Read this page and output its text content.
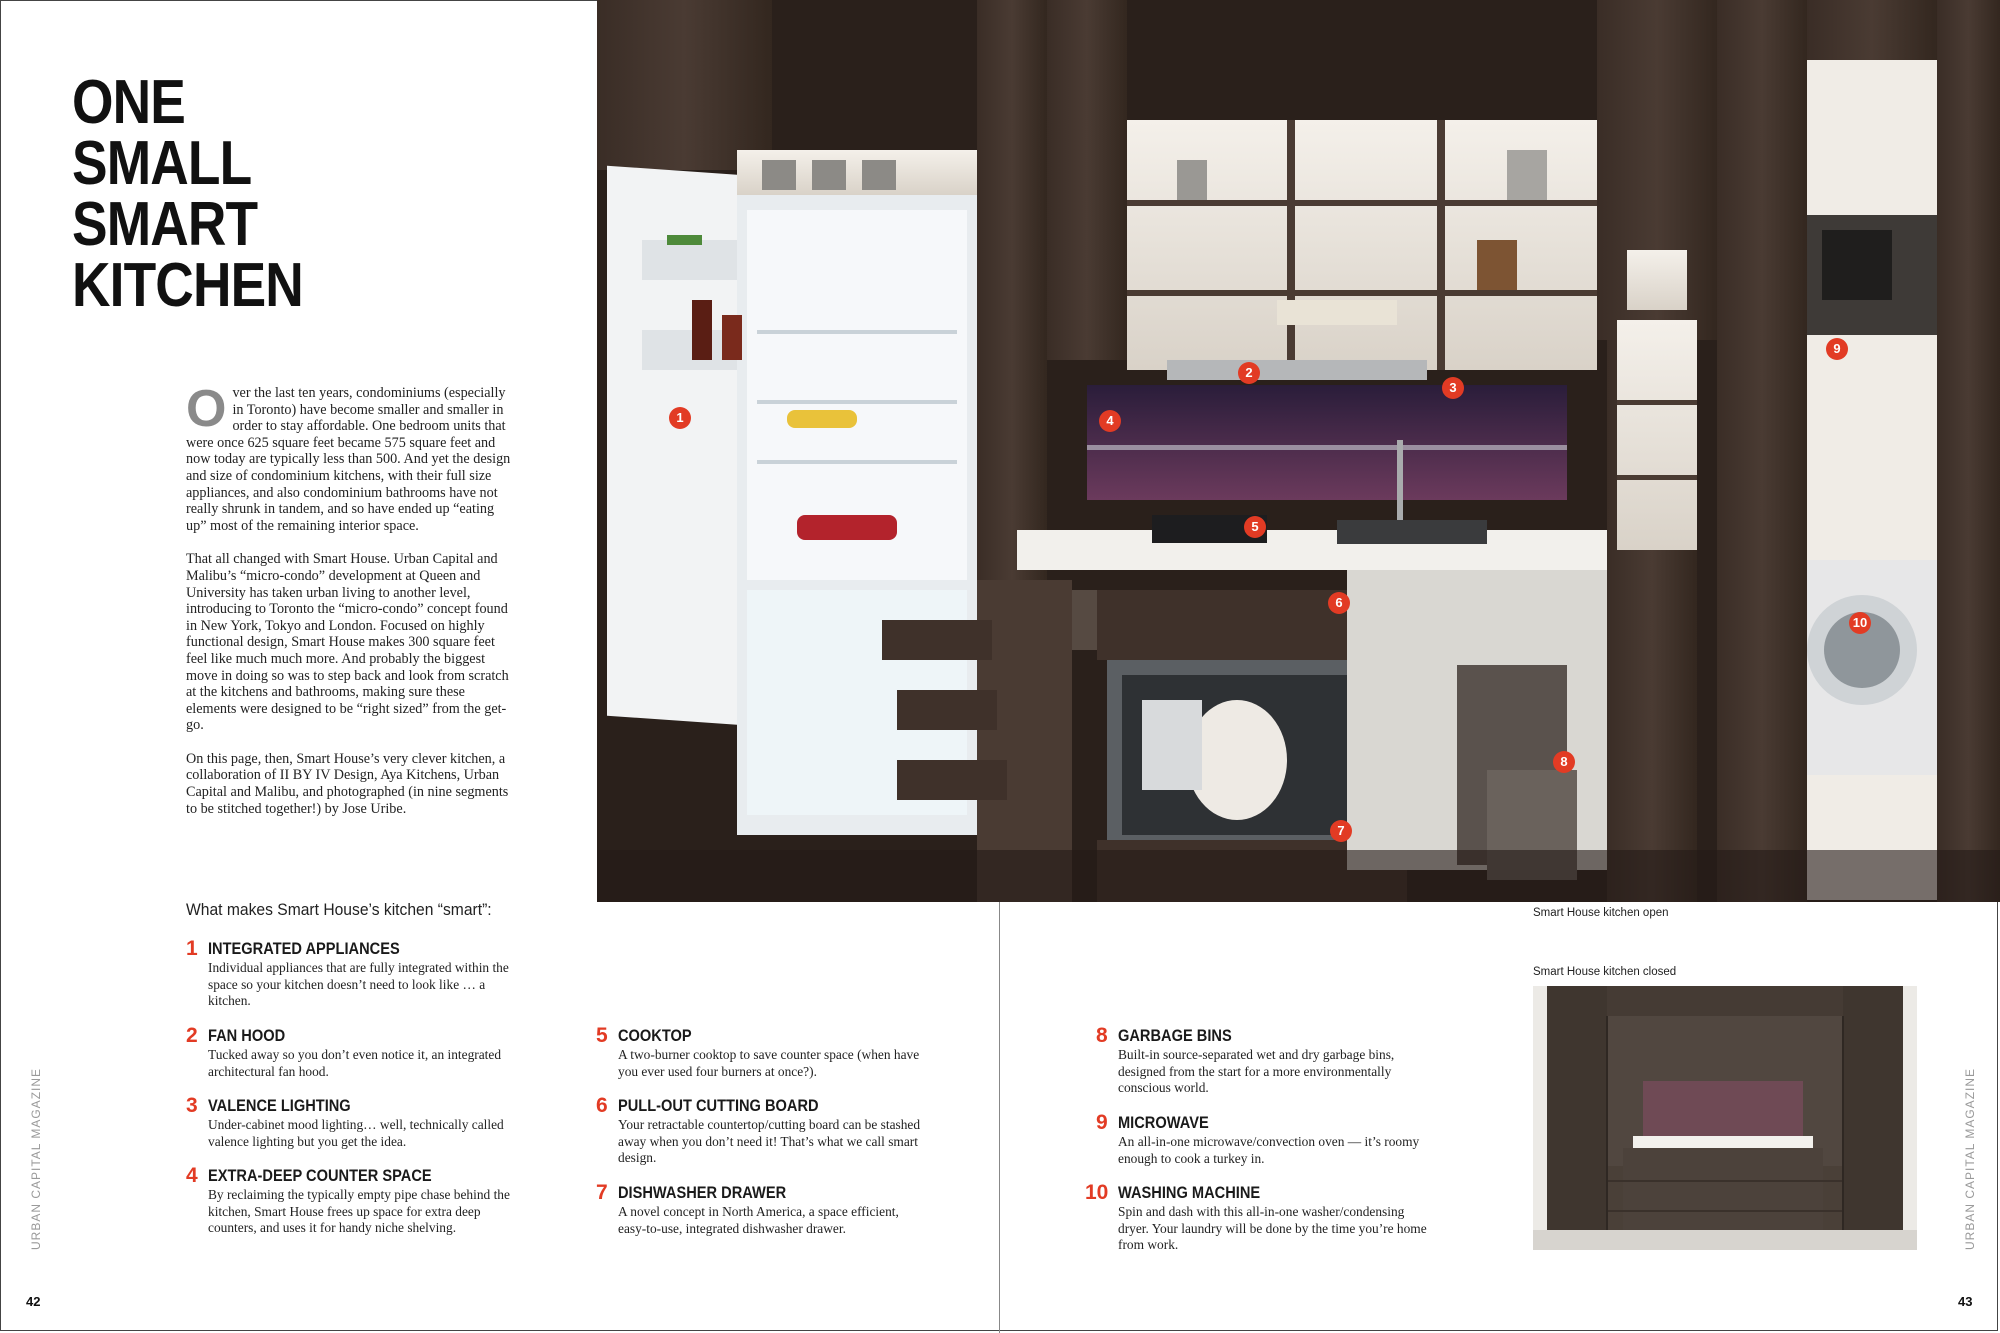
ONE
SMALL
SMART
KITCHEN

Over the last ten years, condominiums (especially in Toronto) have become smaller and smaller in order to stay affordable. One bedroom units that were once 625 square feet became 575 square feet and now today are typically less than 500. And yet the design and size of condominium kitchens, with their full size appliances, and also condominium bathrooms have not really shrunk in tandem, and so have ended up “eating up” most of the remaining interior space.

That all changed with Smart House. Urban Capital and Malibu’s “micro-condo” development at Queen and University has taken urban living to another level, introducing to Toronto the “micro-condo” concept found in New York, Tokyo and London. Focused on highly functional design, Smart House makes 300 square feet feel like much much more. And probably the biggest move in doing so was to step back and look from scratch at the kitchens and bathrooms, making sure these elements were designed to be “right sized” from the get-go.

On this page, then, Smart House’s very clever kitchen, a collaboration of II BY IV Design, Aya Kitchens, Urban Capital and Malibu, and photographed (in nine segments to be stitched together!) by Jose Uribe.

What makes Smart House’s kitchen “smart”:
1 INTEGRATED APPLIANCES
Individual appliances that are fully integrated within the space so your kitchen doesn’t need to look like … a kitchen.
2 FAN HOOD
Tucked away so you don’t even notice it, an integrated architectural fan hood.
3 VALENCE LIGHTING
Under-cabinet mood lighting… well, technically called valence lighting but you get the idea.
4 EXTRA-DEEP COUNTER SPACE
By reclaiming the typically empty pipe chase behind the kitchen, Smart House frees up space for extra deep counters, and uses it for handy niche shelving.
5 COOKTOP
A two-burner cooktop to save counter space (when have you ever used four burners at once?).
6 PULL-OUT CUTTING BOARD
Your retractable countertop/cutting board can be stashed away when you don’t need it! That’s what we call smart design.
7 DISHWASHER DRAWER
A novel concept in North America, a space efficient, easy-to-use, integrated dishwasher drawer.
8 GARBAGE BINS
Built-in source-separated wet and dry garbage bins, designed from the start for a more environmentally conscious world.
9 MICROWAVE
An all-in-one microwave/convection oven — it’s roomy enough to cook a turkey in.
10 WASHING MACHINE
Spin and dash with this all-in-one washer/condensing dryer. Your laundry will be done by the time you’re home from work.
1
2
3
4
5
6
7
8
9
10
Smart House kitchen open
Smart House kitchen closed
URBAN CAPITAL MAGAZINE	URBAN CAPITAL MAGAZINE
42	43
